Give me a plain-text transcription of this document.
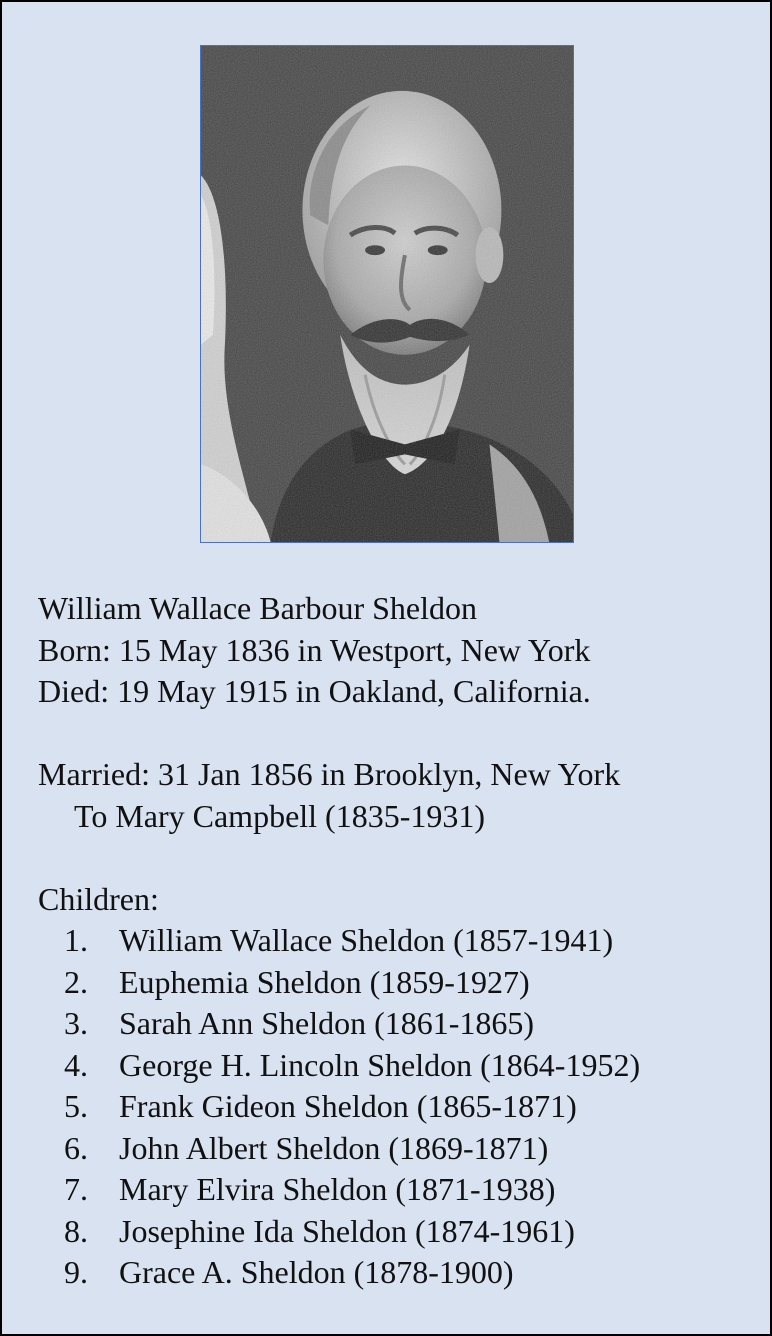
William Wallace Barbour Sheldon
Born: 15 May 1836 in Westport, New York
Died: 19 May 1915 in Oakland, California.
Married: 31 Jan 1856 in Brooklyn, New York
To Mary Campbell (1835-1931)
Children:
1. William Wallace Sheldon (1857-1941)
2. Euphemia Sheldon (1859-1927)
3. Sarah Ann Sheldon (1861-1865)
4. George H. Lincoln Sheldon (1864-1952)
5. Frank Gideon Sheldon (1865-1871)
6. John Albert Sheldon (1869-1871)
7. Mary Elvira Sheldon (1871-1938)
8. Josephine Ida Sheldon (1874-1961)
9. Grace A. Sheldon (1878-1900)
